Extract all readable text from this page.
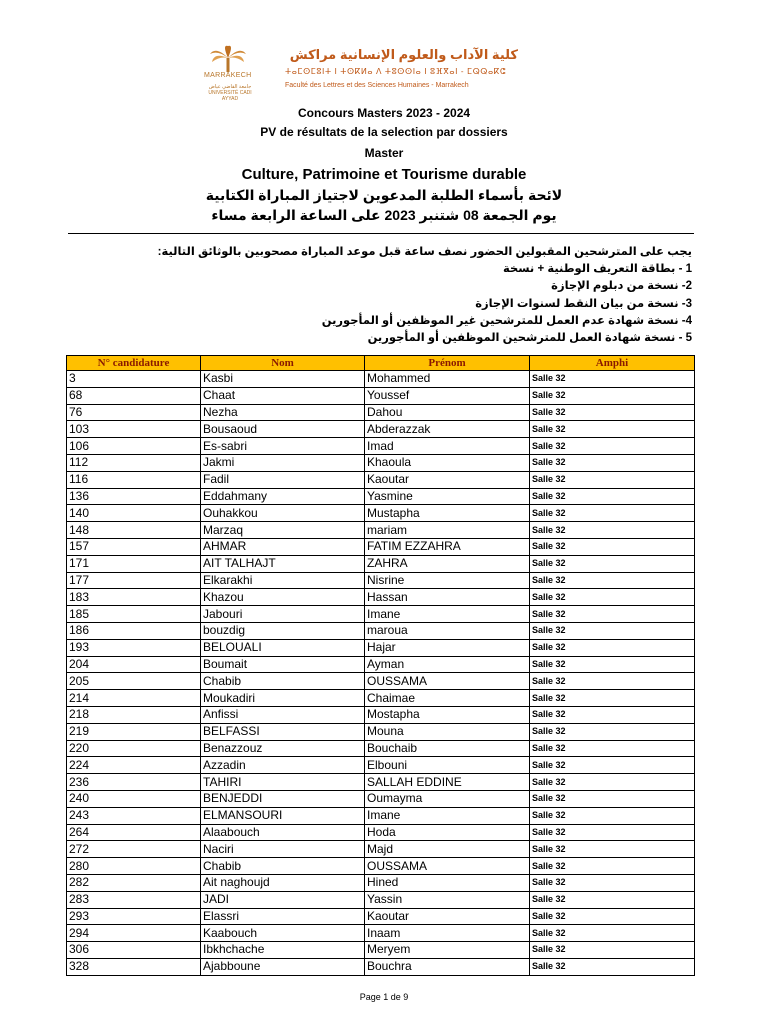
MARRAKECH
جامعة القاضي عياض UNIVERSITÉ CADI AYYAD
كلية الآداب والعلوم الإنسانية مراكش
ⵜⴰⵎⵙⵎⵓⵏⵜ ⵏ ⵜⵙⴽⵍⴰ ⴷ ⵜⵓⵙⵙⵏⴰ ⵏ ⵓⴼⴳⴰⵏ - ⵎⵕⵕⴰⴽⵛ
Faculté des Lettres et des Sciences Humaines - Marrakech
Concours Masters 2023 - 2024
PV de résultats de la selection par dossiers
Master
Culture, Patrimoine et Tourisme durable
لائحة بأسماء الطلبة المدعوين لاجتياز المباراة الكتابية
يوم الجمعة 08 شتنبر 2023 على الساعة الرابعة مساء
يجب على المترشحين المقبولين الحضور نصف ساعة قبل موعد المباراة مصحوبين بالوثائق التالية:
1 - بطاقة التعريف الوطنية + نسخة
2- نسخة من دبلوم الإجازة
3- نسخة من بيان النقط لسنوات الإجازة
4- نسخة شهادة عدم العمل للمترشحين غير الموظفين أو المأجورين
5 - نسخة شهادة العمل للمترشحين الموظفين أو المأجورين
N° candidature	Nom	Prénom	Amphi
3	Kasbi	Mohammed	Salle 32
68	Chaat	Youssef	Salle 32
76	Nezha	Dahou	Salle 32
103	Bousaoud	Abderazzak	Salle 32
106	Es-sabri	Imad	Salle 32
112	Jakmi	Khaoula	Salle 32
116	Fadil	Kaoutar	Salle 32
136	Eddahmany	Yasmine	Salle 32
140	Ouhakkou	Mustapha	Salle 32
148	Marzaq	mariam	Salle 32
157	AHMAR	FATIM EZZAHRA	Salle 32
171	AIT TALHAJT	ZAHRA	Salle 32
177	Elkarakhi	Nisrine	Salle 32
183	Khazou	Hassan	Salle 32
185	Jabouri	Imane	Salle 32
186	bouzdig	maroua	Salle 32
193	BELOUALI	Hajar	Salle 32
204	Boumait	Ayman	Salle 32
205	Chabib	OUSSAMA	Salle 32
214	Moukadiri	Chaimae	Salle 32
218	Anfissi	Mostapha	Salle 32
219	BELFASSI	Mouna	Salle 32
220	Benazzouz	Bouchaib	Salle 32
224	Azzadin	Elbouni	Salle 32
236	TAHIRI	SALLAH EDDINE	Salle 32
240	BENJEDDI	Oumayma	Salle 32
243	ELMANSOURI	Imane	Salle 32
264	Alaabouch	Hoda	Salle 32
272	Naciri	Majd	Salle 32
280	Chabib	OUSSAMA	Salle 32
282	Ait naghoujd	Hined	Salle 32
283	JADI	Yassin	Salle 32
293	Elassri	Kaoutar	Salle 32
294	Kaabouch	Inaam	Salle 32
306	Ibkhchache	Meryem	Salle 32
328	Ajabboune	Bouchra	Salle 32
Page 1 de 9
